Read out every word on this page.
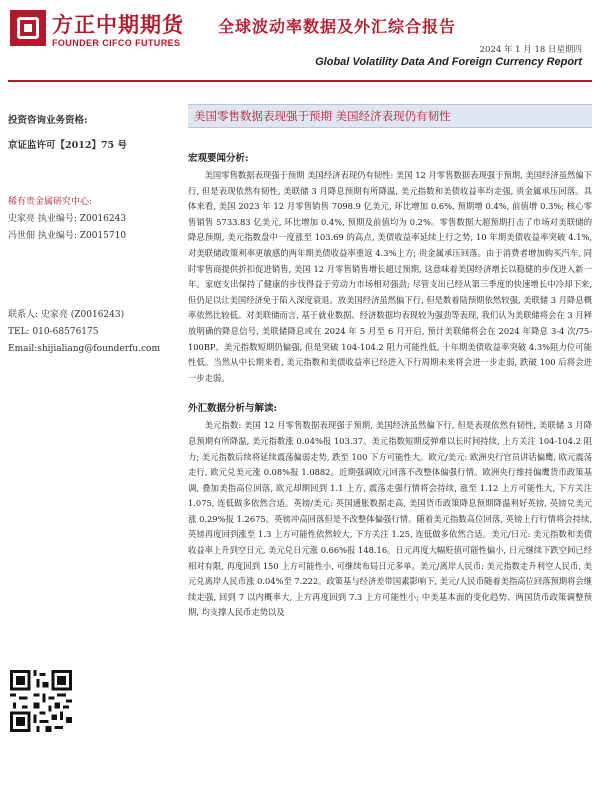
方正中期期货
FOUNDER CIFCO FUTURES
全球波动率数据及外汇综合报告
2024 年 1 月 18 日星期四
Global Volatility Data And Foreign Currency Report

投资咨询业务资格:

京证监许可【2012】75 号

稀有贵金属研究中心:

史家亮 执业编号: Z0016243

冯世佃 执业编号: Z0015710

联系人: 史家亮 (Z0016243)

TEL: 010-68576175

Email:shijialiang@founderfu.com

美国零售数据表现强于预期 美国经济表现仍有韧性
宏观要闻分析:

美国零售数据表现强于预期 美国经济表现仍有韧性: 美国 12 月零售数据表现强于预期, 美国经济虽然偏下行, 但是表现依然有韧性, 美联储 3 月降息预期有所降温, 美元指数和美债收益率均走强, 贵金属承压回落。具体来看, 美国 2023 年 12 月零售销售 7098.9 亿美元, 环比增加 0.6%, 预期增 0.4%, 前值增 0.3%; 核心零售销售 5733.83 亿美元, 环比增加 0.4%, 预期及前值均为 0.2%。零售数据大超预期打击了市场对美联储的降息预期, 美元指数盘中一度涨至 103.69 的高点, 美债收益率延续上行之势, 10 年期美债收益率突破 4.1%, 对美联储政策利率更敏感的两年期美债收益率重返 4.3%上方; 贵金属承压回落。由于消费者增加购买汽车, 同时零售商提供折扣促进销售, 美国 12 月零售销售增长超过预期, 这意味着美国经济增长以稳健的步伐进入新一年。家庭支出保持了健康的步伐得益于劳动力市场相对强劲; 尽管支出已经从第三季度的快速增长中冷却下来, 但仍足以让美国经济免于陷入深度衰退。放美国经济虽然偏下行, 但是数着陆预期依然较强, 美联储 3 月降息概率依然比较低。对美联储而言, 基于就业数据、经济数据均表现较为强劲等表现, 我们认为美联储将会在 3 月释放明确的降息信号, 美联储降息或在 2024 年 5 月至 6 月开启, 预计美联储将会在 2024 年降息 3-4 次/75-100BP。美元指数短期仍偏强, 但是突破 104-104.2 阻力可能性低, 十年期美债收益率突破 4.3%阻力位可能性低。当然从中长期来看, 美元指数和美债收益率已经进入下行周期未来将会进一步走弱, 跌破 100 后将会进一步走弱。

外汇数据分析与解读:

美元指数: 美国 12 月零售数据表现强于预期, 美国经济虽然偏下行, 但是表现依然有韧性, 美联储 3 月降息预期有所降温, 美元指数涨 0.04%报 103.37。美元指数短期反弹难以长时间持续, 上方关注 104-104.2 阻力; 美元指数后续将延续震荡偏弱走势, 跌至 100 下方可能性大。欧元/美元: 欧洲央行官员讲话偏鹰, 欧元震荡走行, 欧元兑美元涨 0.08%报 1.0882。近期强调欧元回落不改整体偏强行情。欧洲央行维持偏鹰货币政策基调, 叠加美指高位回落, 欧元却期回到 1.1 上方, 震荡走强行情将会持续, 涨至 1.12 上方可能性大, 下方关注 1.075, 连低做多依然合适。英镑/美元: 英国通胀数据走高, 美国货币政策降息预期降温利好英镑, 英镑兑美元涨 0.29%报 1.2675。英镑冲高回落但是不改整体偏强行情。随着美元指数高位回落, 英镑上行行情将会持续, 英镑再度回到涨至 1.3 上方可能性依然较大, 下方关注 1.25, 连低做多依然合适。美元/日元: 美元指数和美债收益率上升到空日元, 美元兑日元涨 0.66%报 148.16。日元再度大幅贬值可能性偏小, 日元继续下跌空间已经相对有限, 再度回到 150 上方可能性小, 可继续布局日元多单。美元/离岸人民币: 美元指数走升利空人民币, 美元兑离岸人民币涨 0.04%至 7.222。政策基与经济差带国素影响下, 美元/人民币随着美指高位回落预期将会继续走强, 回到 7 以内概率大, 上方再度回到 7.3 上方可能性小; 中美基本面的变化趋势、两国货币政策调整预期, 均支撑人民币走势以及
